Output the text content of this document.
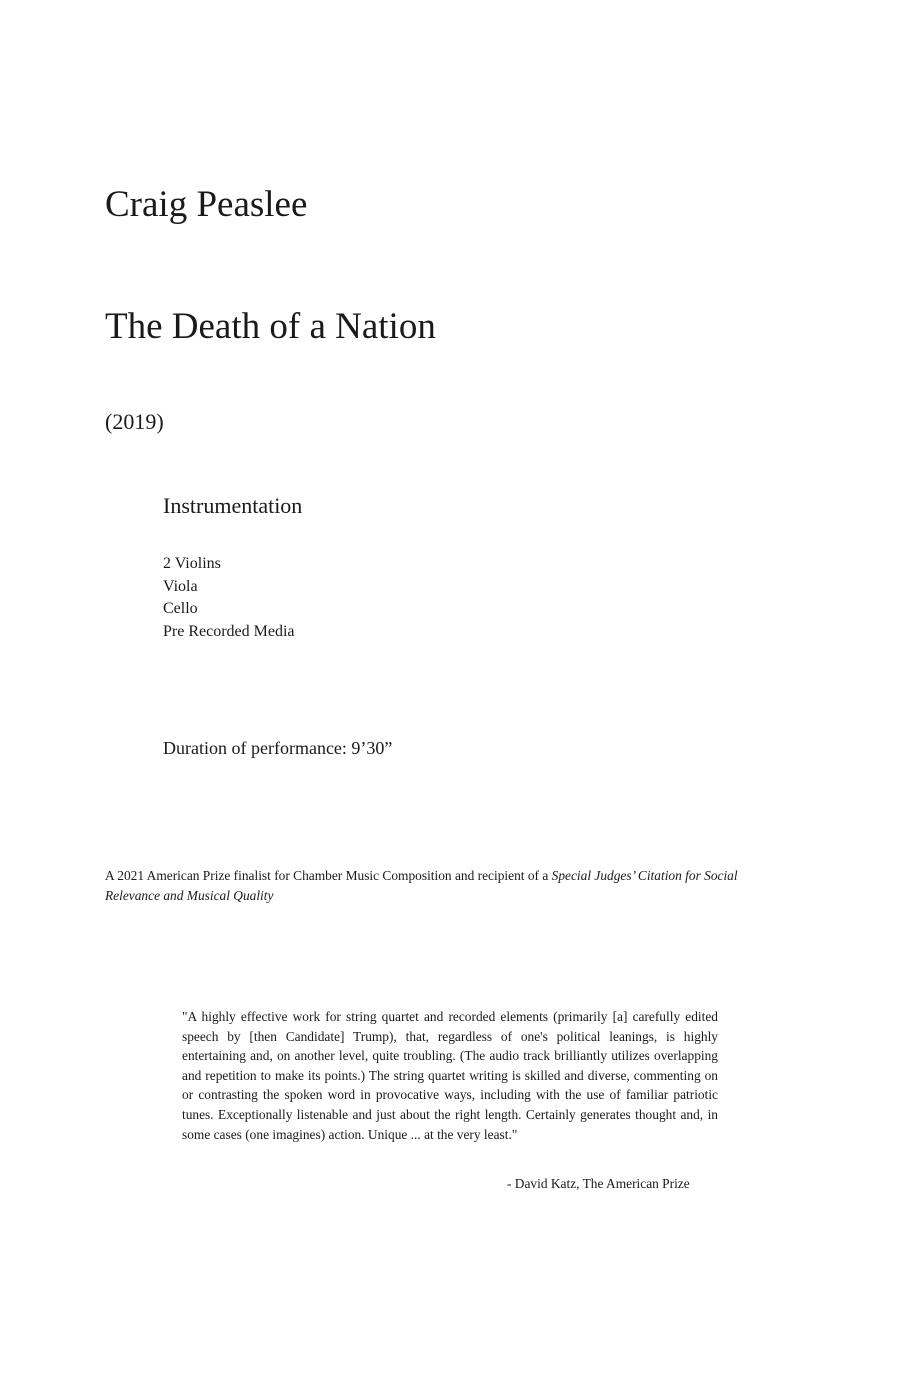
Craig Peaslee
The Death of a Nation
(2019)
Instrumentation
2 Violins
Viola
Cello
Pre Recorded Media
Duration of performance: 9’30”
A 2021 American Prize finalist for Chamber Music Composition and recipient of a Special Judges’ Citation for Social Relevance and Musical Quality
"A highly effective work for string quartet and recorded elements (primarily [a] carefully edited speech by [then Candidate] Trump), that, regardless of one's political leanings, is highly entertaining and, on another level, quite troubling. (The audio track brilliantly utilizes overlapping and repetition to make its points.) The string quartet writing is skilled and diverse, commenting on or contrasting the spoken word in provocative ways, including with the use of familiar patriotic tunes. Exceptionally listenable and just about the right length. Certainly generates thought and, in some cases (one imagines) action. Unique ... at the very least."
- David Katz, The American Prize
